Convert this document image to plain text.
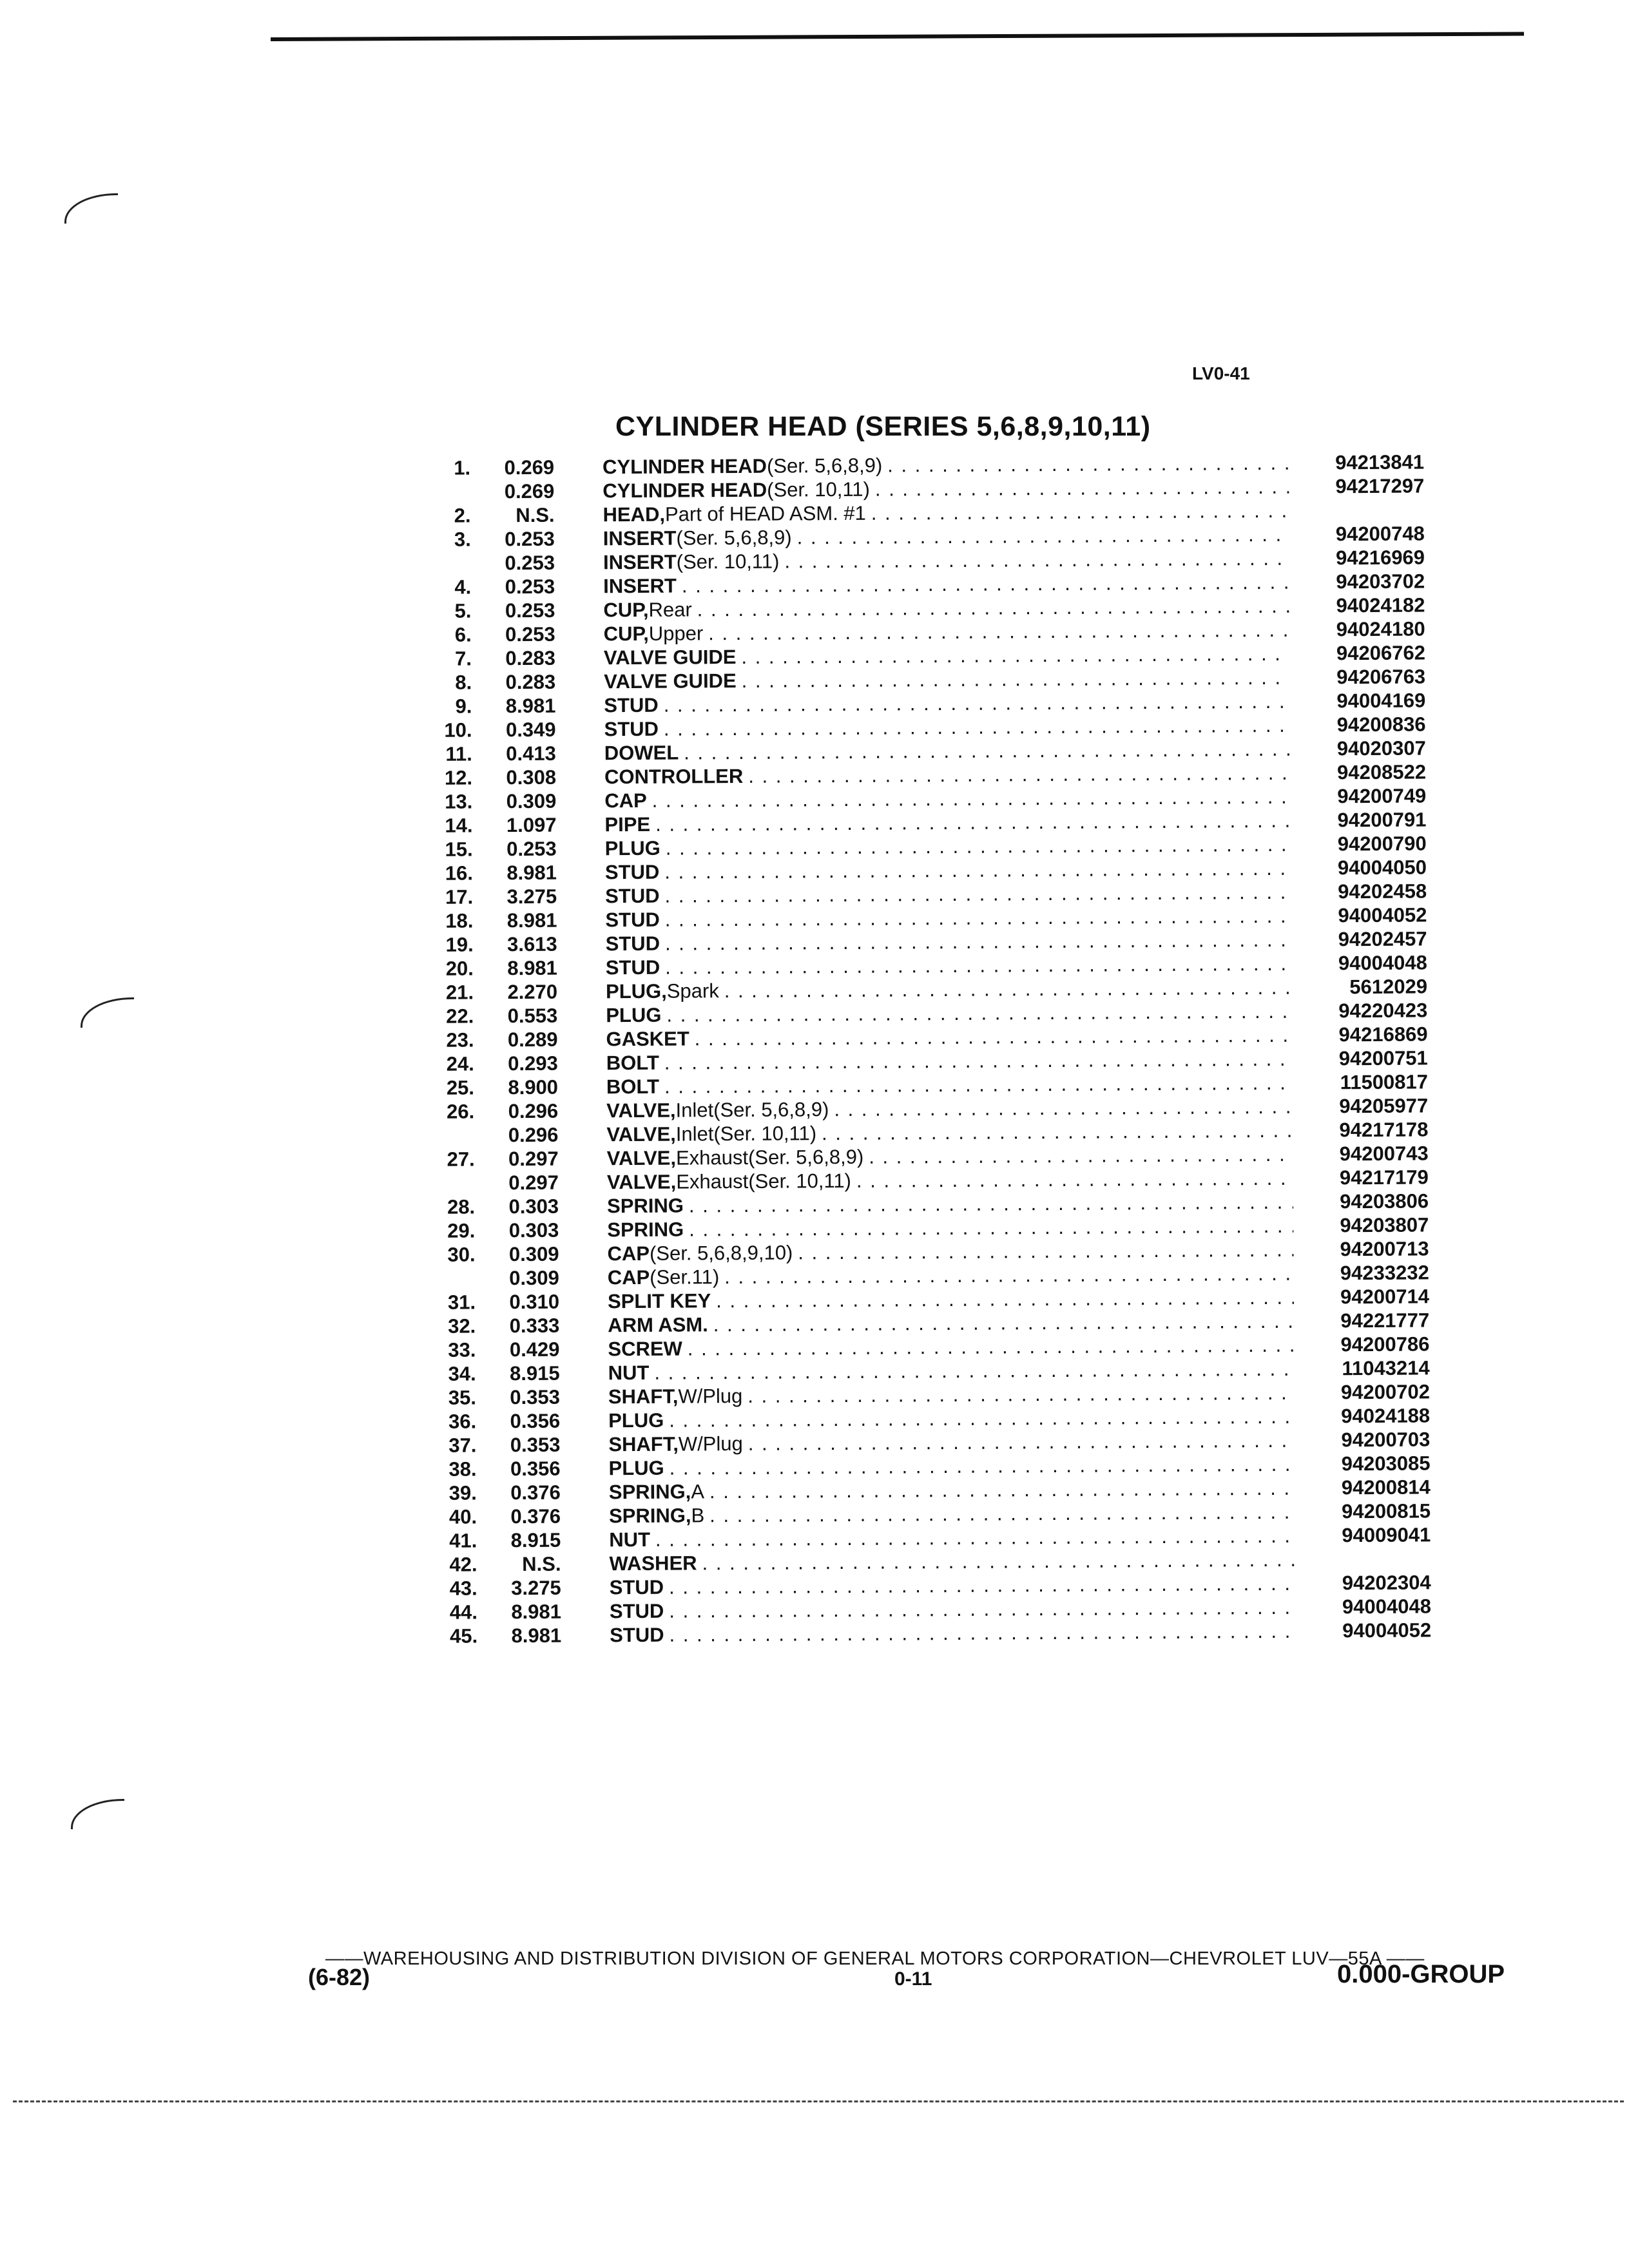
LV0-41
CYLINDER HEAD (SERIES 5,6,8,9,10,11)
1.	0.269 CYLINDER HEAD (Ser. 5,6,8,9) . . .	94213841
0.269 CYLINDER HEAD (Ser. 10,11) . . .	94217297
2.	N.S. HEAD, Part of HEAD ASM. #1
. . .
3.	0.253 INSERT (Ser. 5,6,8,9) . . .	94200748
0.253 INSERT (Ser. 10,11) . . .	94216969
4.	0.253 INSERT . . .	94203702
5.	0.253 CUP, Rear . . .	94024182
6.	0.253 CUP, Upper . . .	94024180
7.	0.283 VALVE GUIDE . . .	94206762
8.	0.283 VALVE GUIDE . . .	94206763
9.	8.981 STUD . . .	94004169
10.	0.349 STUD . . .	94200836
11.	0.413 DOWEL . . .	94020307
12.	0.308 CONTROLLER . . .	94208522
13.	0.309 CAP . . .	94200749
14.	1.097 PIPE . . .	94200791
15.	0.253 PLUG . . .	94200790
16.	8.981 STUD . . .	94004050
17.	3.275 STUD . . .	94202458
18.	8.981 STUD . . .	94004052
19.	3.613 STUD . . .	94202457
20.	8.981 STUD . . .	94004048
21.	2.270 PLUG, Spark . . .	5612029
22.	0.553 PLUG . . .	94220423
23.	0.289 GASKET . . .	94216869
24.	0.293 BOLT . . .	94200751
25.	8.900 BOLT . . .	11500817
26.	0.296 VALVE, Inlet(Ser. 5,6,8,9) . . .	94205977
0.296 VALVE, Inlet(Ser. 10,11) . . .	94217178
27.	0.297 VALVE, Exhaust(Ser. 5,6,8,9) . . .	94200743
0.297 VALVE, Exhaust(Ser. 10,11) . . .	94217179
28.	0.303 SPRING . . .	94203806
29.	0.303 SPRING . . .	94203807
30.	0.309 CAP (Ser. 5,6,8,9,10) . . .	94200713
0.309 CAP (Ser.11) . . .	94233232
31.	0.310 SPLIT KEY . . .	94200714
32.	0.333 ARM ASM. . . .	94221777
33.	0.429 SCREW . . .	94200786
34.	8.915 NUT . . .	11043214
35.	0.353 SHAFT, W/Plug . . .	94200702
36.	0.356 PLUG . . .	94024188
37.	0.353 SHAFT, W/Plug . . .	94200703
38.	0.356 PLUG . . .	94203085
39.	0.376 SPRING, A . . .	94200814
40.	0.376 SPRING, B . . .	94200815
41.	8.915 NUT . . .	94009041
42.	N.S. WASHER
. . .
43.	3.275 STUD . . .	94202304
44.	8.981 STUD . . .	94004048
45.	8.981 STUD . . .	94004052
——WAREHOUSING AND DISTRIBUTION DIVISION OF GENERAL MOTORS CORPORATION—CHEVROLET LUV—55A ——
(6-82)	0-11	0.000-GROUP
